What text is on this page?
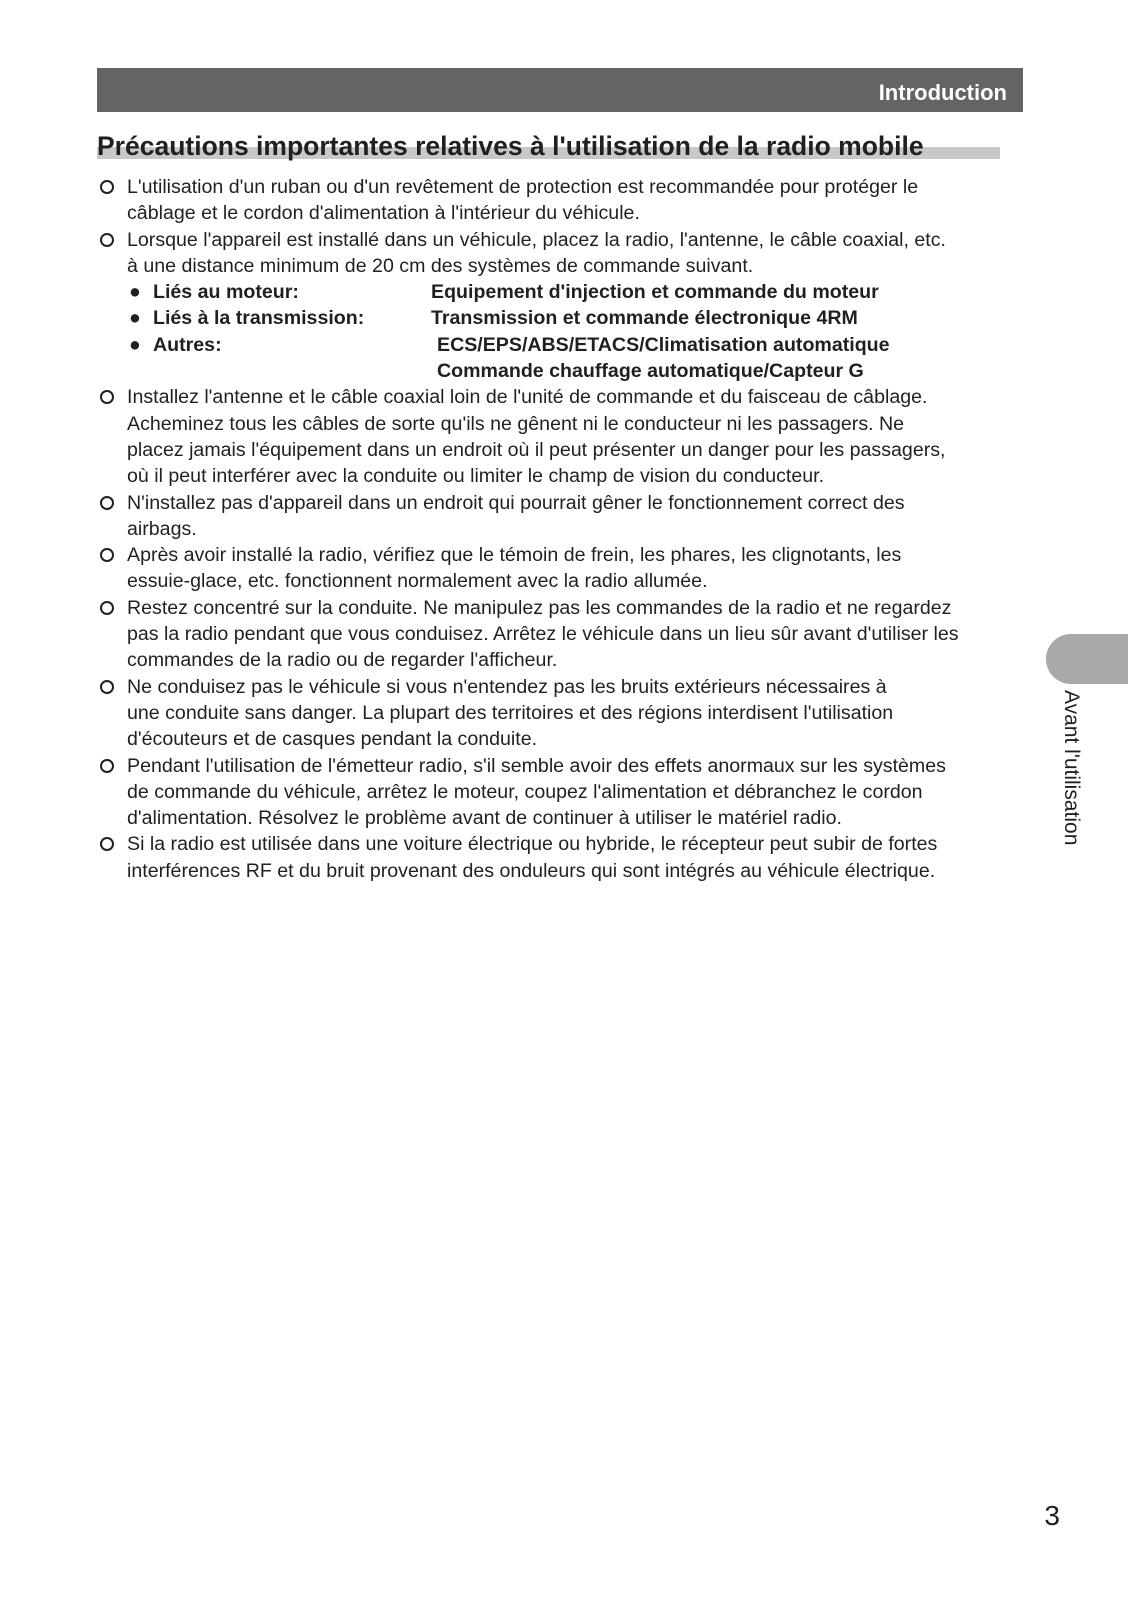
Introduction
Précautions importantes relatives à l'utilisation de la radio mobile
L'utilisation d'un ruban ou d'un revêtement de protection est recommandée pour protéger le
câblage et le cordon d'alimentation à l'intérieur du véhicule.
Lorsque l'appareil est installé dans un véhicule, placez la radio, l'antenne, le câble coaxial, etc.
à une distance minimum de 20 cm des systèmes de commande suivant.
● Liés au moteur:	Equipement d'injection et commande du moteur
● Liés à la transmission:	Transmission et commande électronique 4RM
● Autres:	ECS/EPS/ABS/ETACS/Climatisation automatique
Commande chauffage automatique/Capteur G
Installez l'antenne et le câble coaxial loin de l'unité de commande et du faisceau de câblage.
Acheminez tous les câbles de sorte qu'ils ne gênent ni le conducteur ni les passagers. Ne
placez jamais l'équipement dans un endroit où il peut présenter un danger pour les passagers,
où il peut interférer avec la conduite ou limiter le champ de vision du conducteur.
N'installez pas d'appareil dans un endroit qui pourrait gêner le fonctionnement correct des
airbags.
Après avoir installé la radio, vérifiez que le témoin de frein, les phares, les clignotants, les
essuie-glace, etc. fonctionnent normalement avec la radio allumée.
Restez concentré sur la conduite. Ne manipulez pas les commandes de la radio et ne regardez
pas la radio pendant que vous conduisez. Arrêtez le véhicule dans un lieu sûr avant d'utiliser les
commandes de la radio ou de regarder l'afficheur.
Ne conduisez pas le véhicule si vous n'entendez pas les bruits extérieurs nécessaires à
une conduite sans danger. La plupart des territoires et des régions interdisent l'utilisation
d'écouteurs et de casques pendant la conduite.
Pendant l'utilisation de l'émetteur radio, s'il semble avoir des effets anormaux sur les systèmes
de commande du véhicule, arrêtez le moteur, coupez l'alimentation et débranchez le cordon
d'alimentation. Résolvez le problème avant de continuer à utiliser le matériel radio.
Si la radio est utilisée dans une voiture électrique ou hybride, le récepteur peut subir de fortes
interférences RF et du bruit provenant des onduleurs qui sont intégrés au véhicule électrique.
Avant l'utilisation
3
